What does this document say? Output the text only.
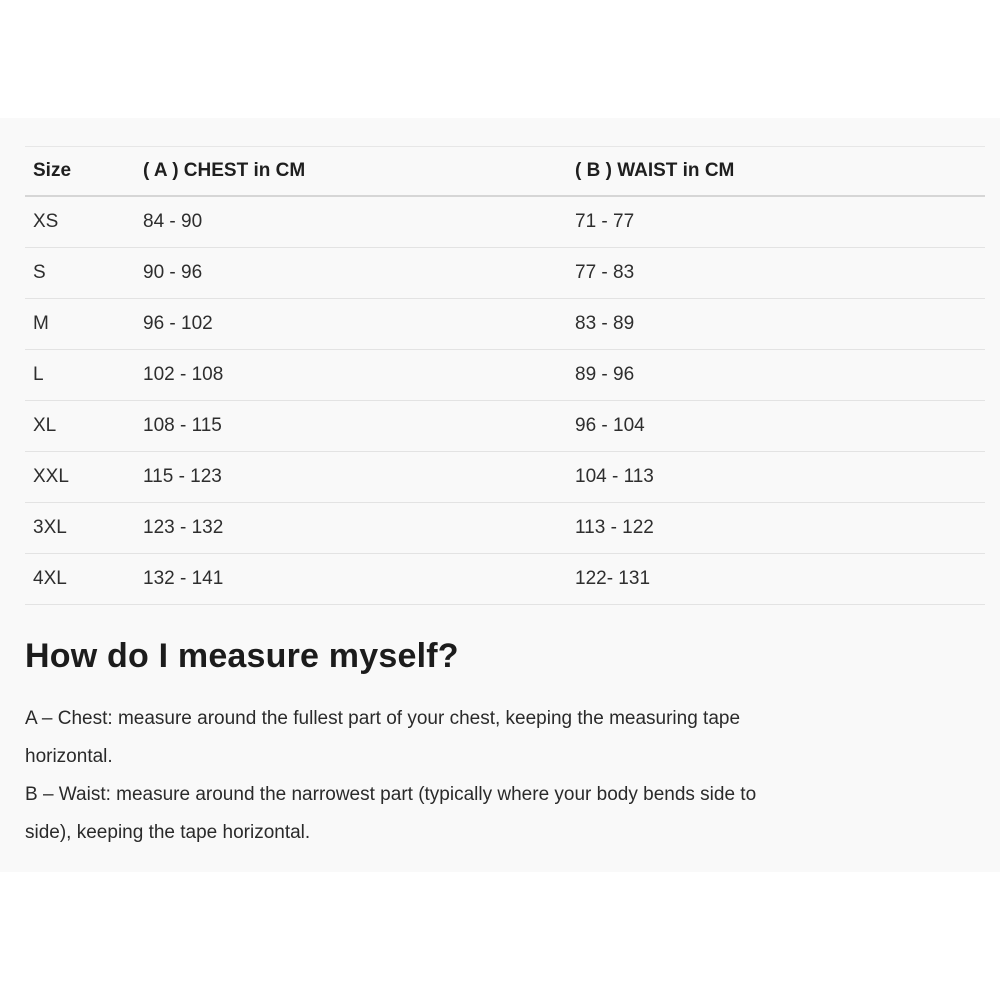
Size	( A ) CHEST in CM	( B ) WAIST in CM
XS	84 - 90	71 - 77
S	90 - 96	77 - 83
M	96 - 102	83 - 89
L	102 - 108	89 - 96
XL	108 - 115	96 - 104
XXL	115 - 123	104 - 113
3XL	123 - 132	113 - 122
4XL	132 - 141	122- 131
How do I measure myself?
A – Chest: measure around the fullest part of your chest, keeping the measuring tape
horizontal.
B – Waist: measure around the narrowest part (typically where your body bends side to
side), keeping the tape horizontal.
